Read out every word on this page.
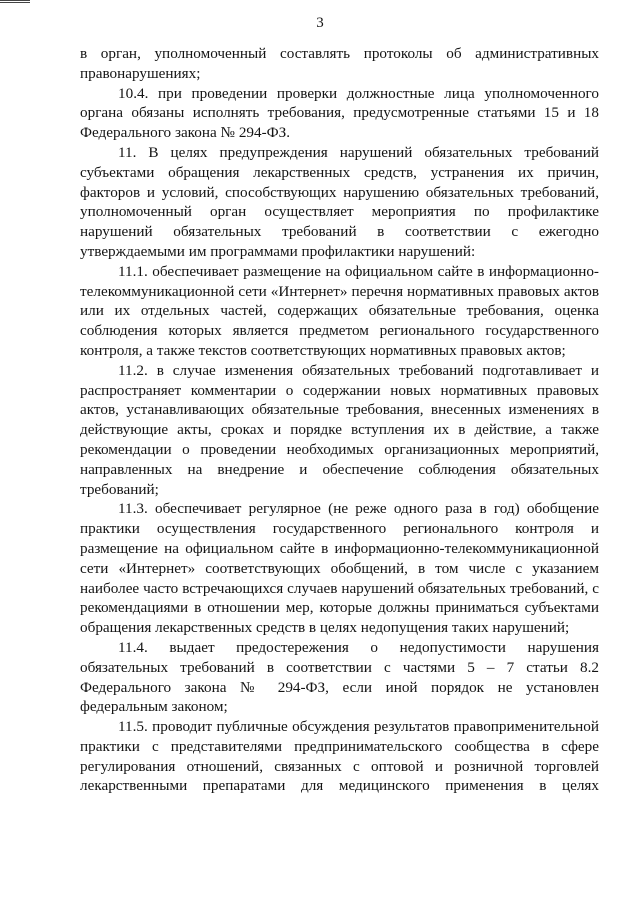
3

в орган, уполномоченный составлять протоколы об административных правонарушениях;

10.4. при проведении проверки должностные лица уполномоченного органа обязаны исполнять требования, предусмотренные статьями 15 и 18 Федерального закона № 294-ФЗ.

11. В целях предупреждения нарушений обязательных требований субъектами обращения лекарственных средств, устранения их причин, факторов и условий, способствующих нарушению обязательных требований, уполномоченный орган осуществляет мероприятия по профилактике нарушений обязательных требований в соответствии с ежегодно утверждаемыми им программами профилактики нарушений:

11.1. обеспечивает размещение на официальном сайте в информационно-телекоммуникационной сети «Интернет» перечня нормативных правовых актов или их отдельных частей, содержащих обязательные требования, оценка соблюдения которых является предметом регионального государственного контроля, а также текстов соответствующих нормативных правовых актов;

11.2. в случае изменения обязательных требований подготавливает и распространяет комментарии о содержании новых нормативных правовых актов, устанавливающих обязательные требования, внесенных изменениях в действующие акты, сроках и порядке вступления их в действие, а также рекомендации о проведении необходимых организационных мероприятий, направленных на внедрение и обеспечение соблюдения обязательных требований;

11.3. обеспечивает регулярное (не реже одного раза в год) обобщение практики осуществления государственного регионального контроля и размещение на официальном сайте в информационно-телекоммуникационной сети «Интернет» соответствующих обобщений, в том числе с указанием наиболее часто встречающихся случаев нарушений обязательных требований, с рекомендациями в отношении мер, которые должны приниматься субъектами обращения лекарственных средств в целях недопущения таких нарушений;

11.4. выдает предостережения о недопустимости нарушения обязательных требований в соответствии с частями 5 – 7 статьи 8.2 Федерального закона № 294-ФЗ, если иной порядок не установлен федеральным законом;

11.5. проводит публичные обсуждения результатов правоприменительной практики с представителями предпринимательского сообщества в сфере регулирования отношений, связанных с оптовой и розничной торговлей лекарственными препаратами для медицинского применения в целях
